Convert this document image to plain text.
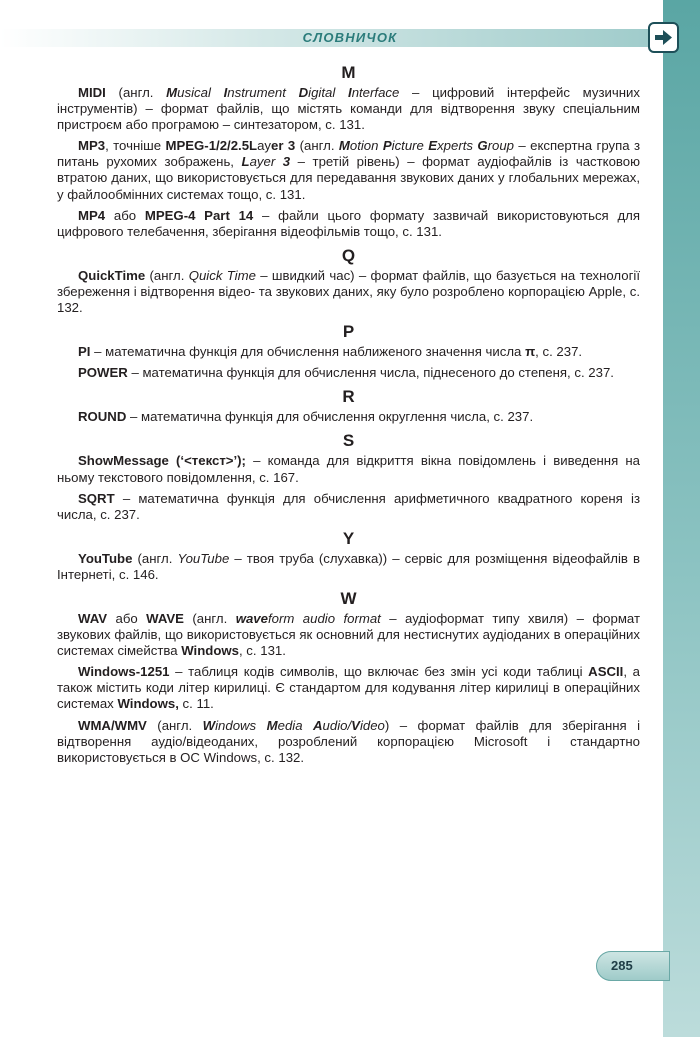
СЛОВНИЧОК
M

MIDI (англ. Musical Instrument Digital Interface – цифровий інтерфейс музичних інструментів) – формат файлів, що містять команди для відтворення звуку спеціальним пристроєм або програмою – синтезатором, с. 131.

MP3, точніше MPEG-1/2/2.5Layer 3 (англ. Motion Picture Experts Group – експертна група з питань рухомих зображень, Layer 3 – третій рівень) – формат аудіофайлів із частковою втратою даних, що використовується для передавання звукових даних у глобальних мережах, у файлообмінних системах тощо, с. 131.

MP4 або MPEG-4 Part 14 – файли цього формату зазвичай використовуються для цифрового телебачення, зберігання відеофільмів тощо, с. 131.

Q

QuickTime (англ. Quick Time – швидкий час) – формат файлів, що базується на технології збереження і відтворення відео- та звукових даних, яку було розроблено корпорацією Apple, с. 132.

P

PI – математична функція для обчислення наближеного значення числа π, с. 237.

POWER – математична функція для обчислення числа, піднесеного до степеня, с. 237.

R

ROUND – математична функція для обчислення округлення числа, с. 237.

S

ShowMessage (‘<текст>’); – команда для відкриття вікна повідомлень і виведення на ньому текстового повідомлення, с. 167.

SQRT – математична функція для обчислення арифметичного квадратного кореня із числа, с. 237.

Y

YouTube (англ. YouTube – твоя труба (слухавка)) – сервіс для розміщення відеофайлів в Інтернеті, с. 146.

W

WAV або WAVE (англ. waveform audio format – аудіоформат типу хвиля) – формат звукових файлів, що використовується як основний для нестиснутих аудіоданих в операційних системах сімейства Windows, с. 131.

Windows-1251 – таблиця кодів символів, що включає без змін усі коди таблиці ASCII, а також містить коди літер кирилиці. Є стандартом для кодування літер кирилиці в операційних системах Windows, с. 11.

WMA/WMV (англ. Windows Media Audio/Video) – формат файлів для зберігання і відтворення аудіо/відеоданих, розроблений корпорацією Microsoft і стандартно використовується в ОС Windows, с. 132.

285
